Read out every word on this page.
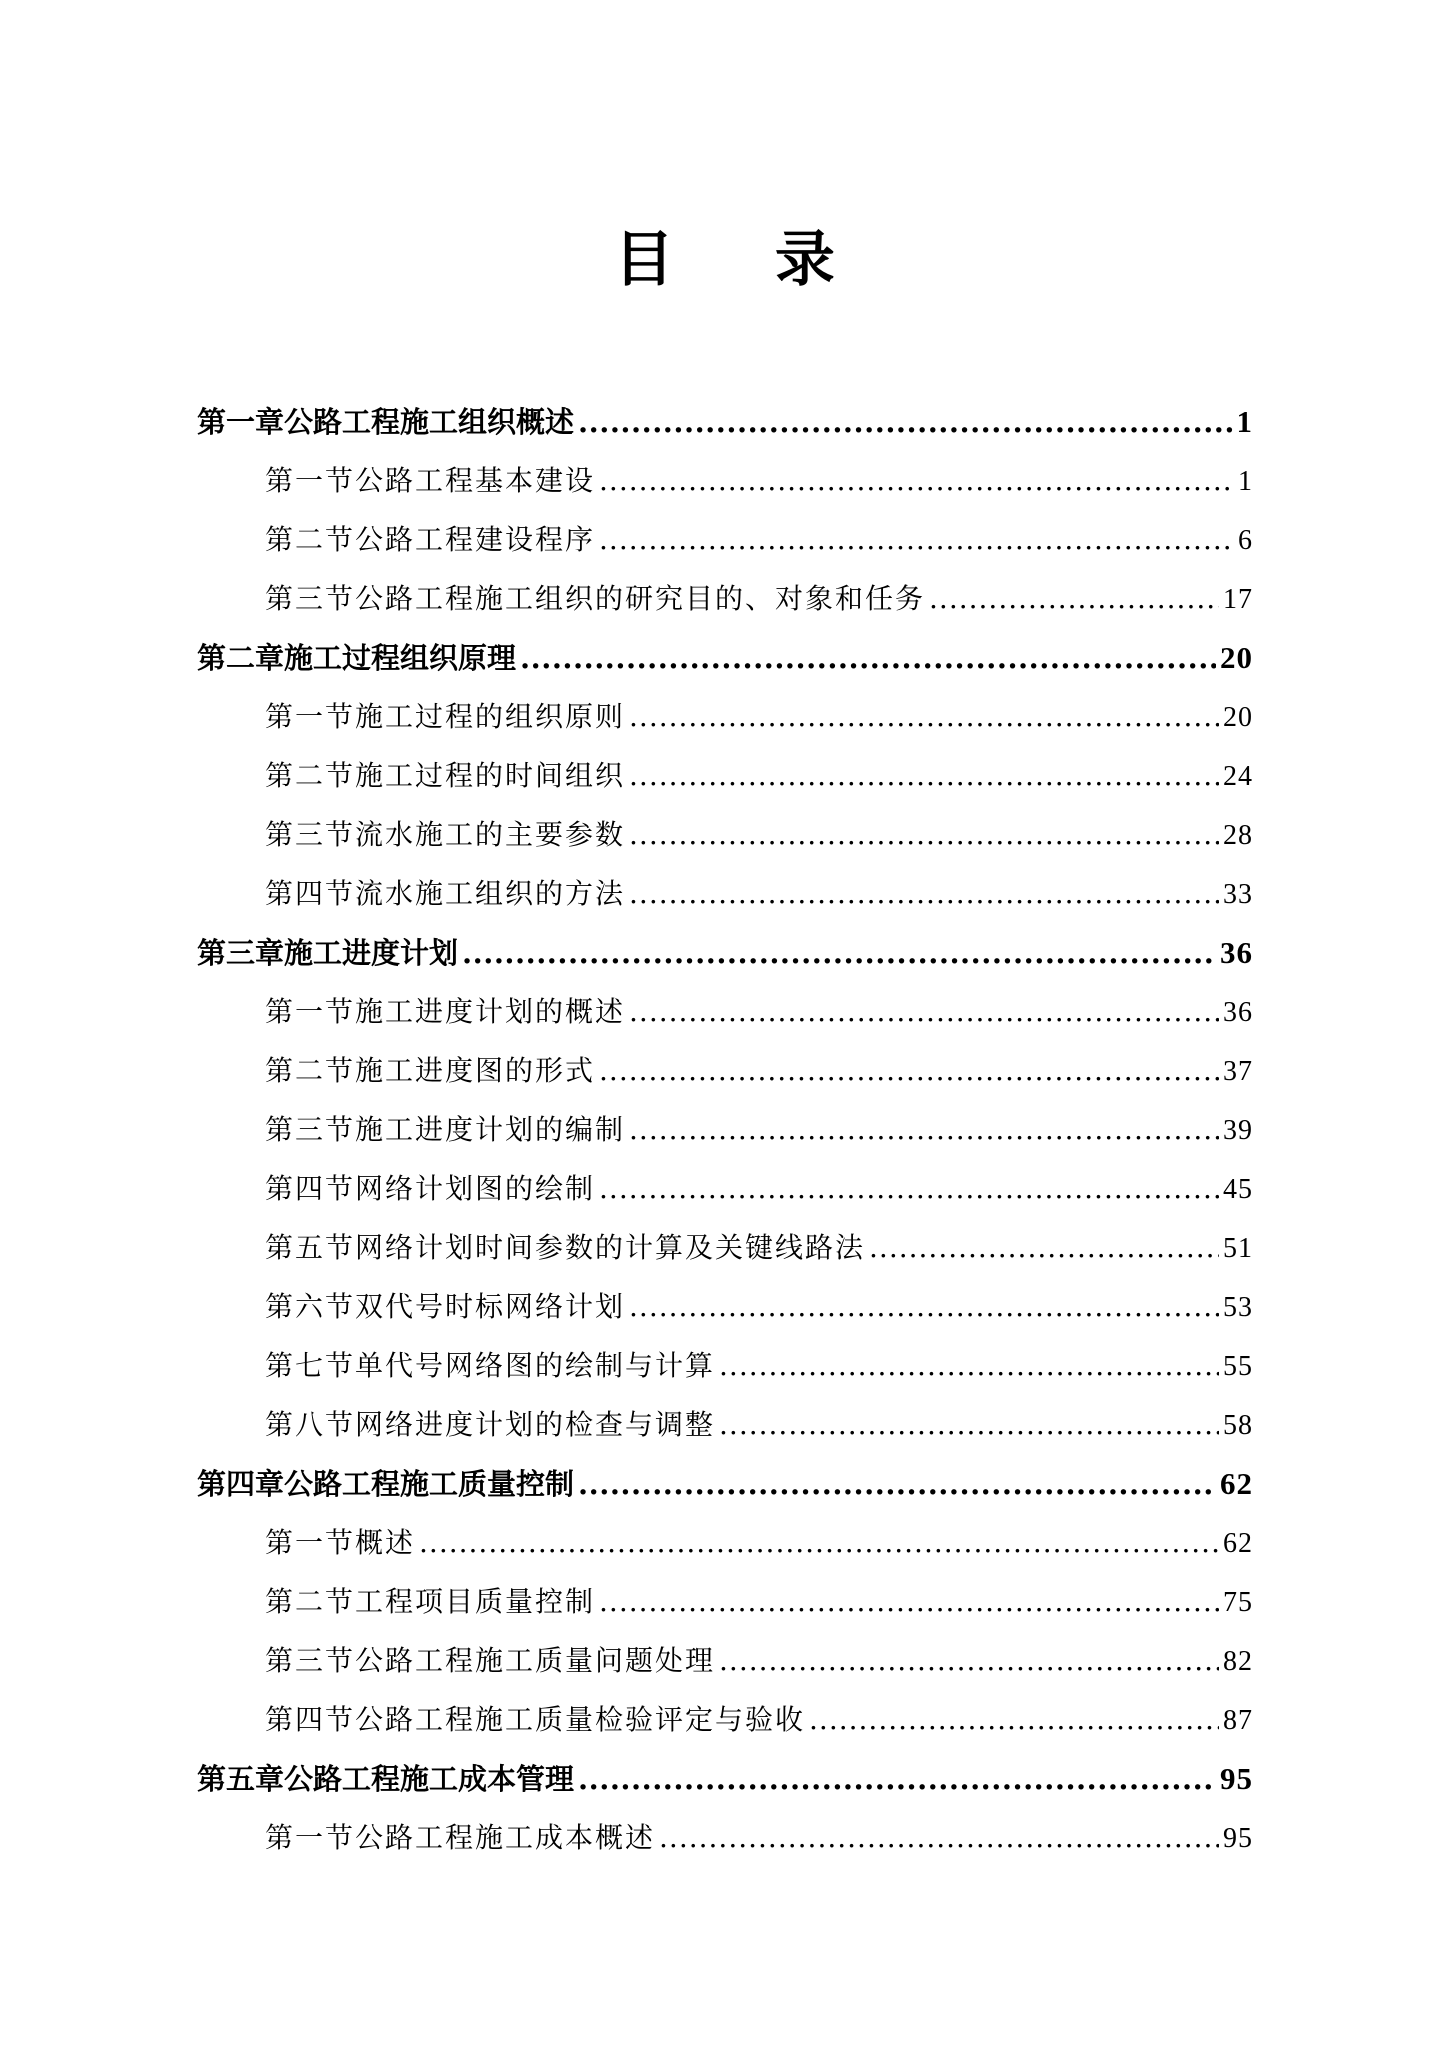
目 录
第一章 公路工程施工组织概述 .....	1
第一节 公路工程基本建设 .....	1
第二节 公路工程建设程序 .....	6
第三节 公路工程施工组织的研究目的、对象和任务 .....	17
第二章 施工过程组织原理 .....	20
第一节 施工过程的组织原则 .....	20
第二节 施工过程的时间组织 .....	24
第三节 流水施工的主要参数 .....	28
第四节 流水施工组织的方法 .....	33
第三章 施工进度计划 .....	36
第一节 施工进度计划的概述 .....	36
第二节 施工进度图的形式 .....	37
第三节 施工进度计划的编制 .....	39
第四节 网络计划图的绘制 .....	45
第五节 网络计划时间参数的计算及关键线路法 .....	51
第六节 双代号时标网络计划 .....	53
第七节 单代号网络图的绘制与计算 .....	55
第八节 网络进度计划的检查与调整 .....	58
第四章 公路工程施工质量控制 .....	62
第一节 概述 .....	62
第二节 工程项目质量控制 .....	75
第三节 公路工程施工质量问题处理 .....	82
第四节 公路工程施工质量检验评定与验收 .....	87
第五章 公路工程施工成本管理 .....	95
第一节 公路工程施工成本概述 .....	95
